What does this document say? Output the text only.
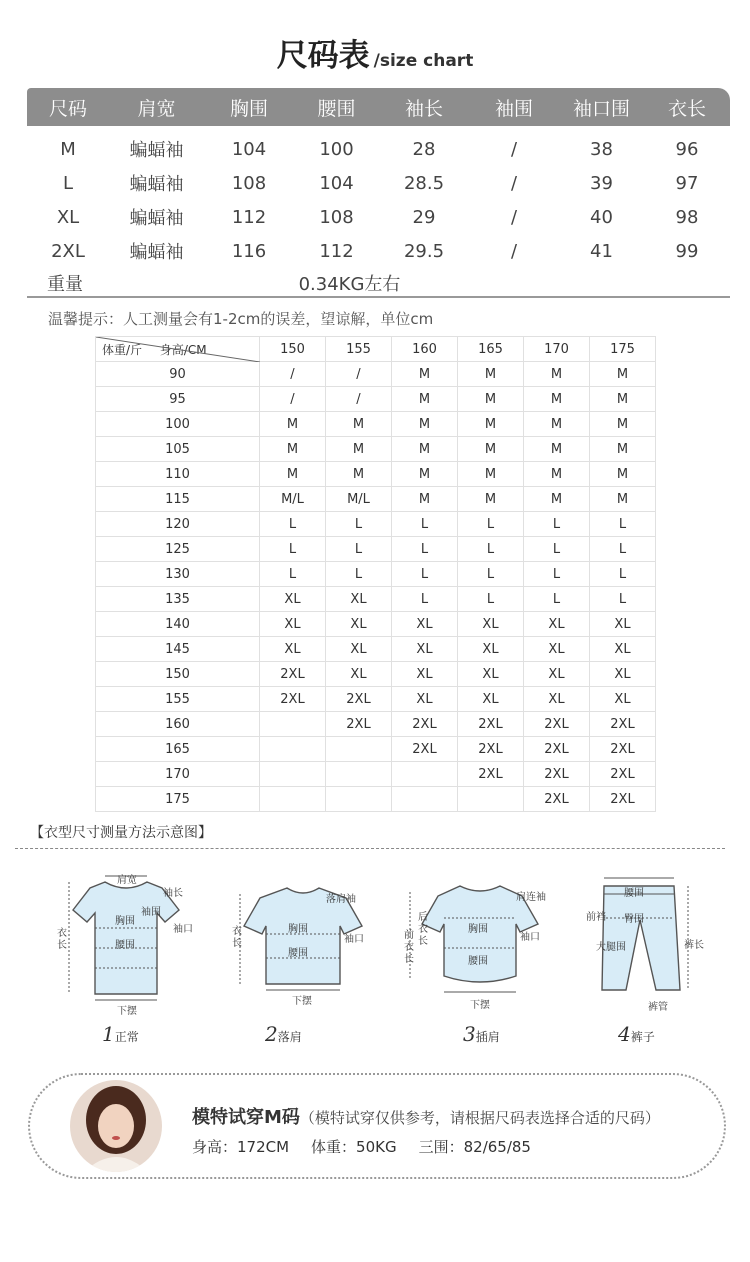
尺码表 /size chart
尺码	肩宽	胸围	腰围	袖长	袖围	袖口围	衣长
M	蝙蝠袖	104	100	28	/	38	96
L	蝙蝠袖	108	104	28.5	/	39	97
XL	蝙蝠袖	112	108	29	/	40	98
2XL	蝙蝠袖	116	112	29.5	/	41	99
重量	0.34KG左右
温馨提示：人工测量会有1-2cm的误差，望谅解，单位cm
体重/斤 身高/CM	150	155	160	165	170	175
90	/	/	M	M	M	M
95	/	/	M	M	M	M
100	M	M	M	M	M	M
105	M	M	M	M	M	M
110	M	M	M	M	M	M
115	M/L	M/L	M	M	M	M
120	L	L	L	L	L	L
125	L	L	L	L	L	L
130	L	L	L	L	L	L
135	XL	XL	L	L	L	L
140	XL	XL	XL	XL	XL	XL
145	XL	XL	XL	XL	XL	XL
150	2XL	XL	XL	XL	XL	XL
155	2XL	2XL	XL	XL	XL	XL
160		2XL	2XL	2XL	2XL	2XL
165			2XL	2XL	2XL	2XL
170				2XL	2XL	2XL
175					2XL	2XL
【衣型尺寸测量方法示意图】
肩宽
袖长
袖围
胸围
袖口
腰围
衣长
下摆
1正常
落肩袖
衣长
胸围
袖口
腰围
下摆
2落肩
肩连袖
后衣长
前衣长
胸围
袖口
腰围
下摆
3插肩
腰围
前裆 臀围
大腿围	裤长
裤管
4裤子
模特试穿M码（模特试穿仅供参考，请根据尺码表选择合适的尺码）
身高：172CM 体重：50KG 三围：82/65/85
